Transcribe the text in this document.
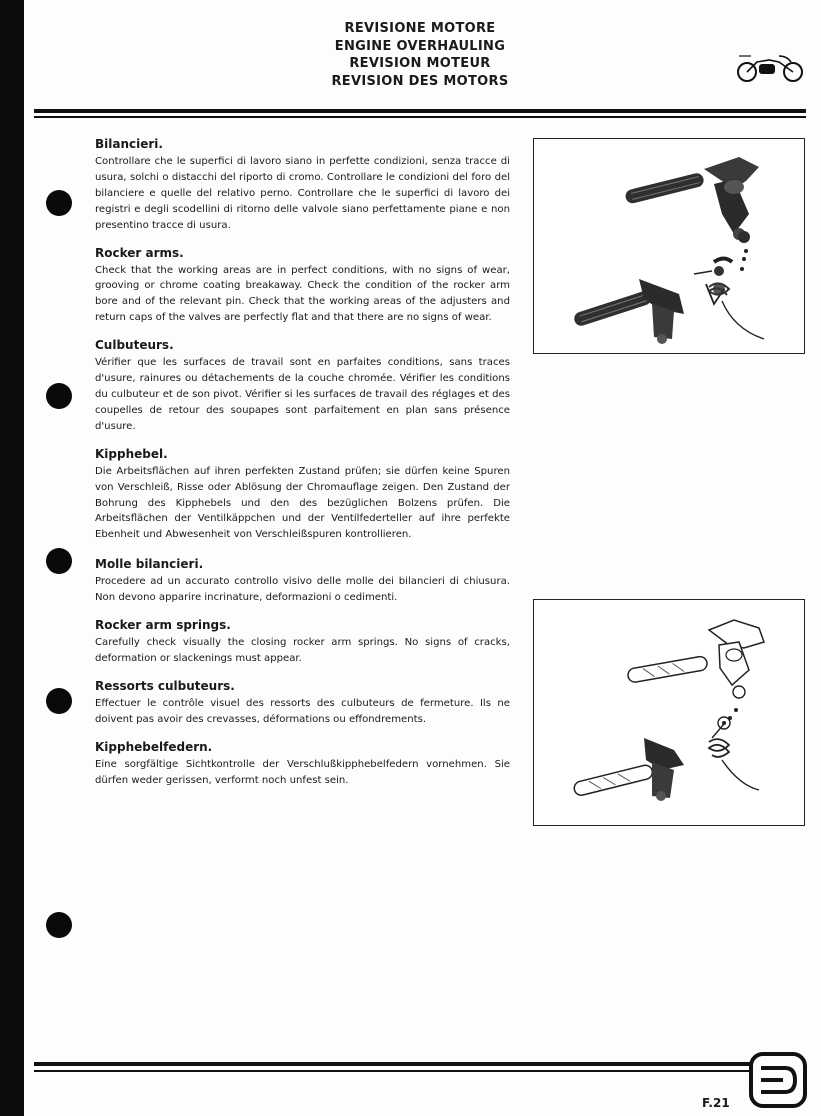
REVISIONE MOTORE
ENGINE OVERHAULING
REVISION MOTEUR
REVISION DES MOTORS
Bilancieri.

Controllare che le superfici di lavoro siano in perfette condizioni, senza tracce di usura, solchi o distacchi del riporto di cromo. Controllare le condizioni del foro del bilanciere e quelle del relativo perno. Controllare che le superfici di lavoro dei registri e degli scodellini di ritorno delle valvole siano perfettamente piane e non presentino tracce di usura.

Rocker arms.

Check that the working areas are in perfect conditions, with no signs of wear, grooving or chrome coating breakaway. Check the condition of the rocker arm bore and of the relevant pin. Check that the working areas of the adjusters and return caps of the valves are perfectly flat and that there are no signs of wear.

Culbuteurs.

Vérifier que les surfaces de travail sont en parfaites conditions, sans traces d'usure, rainures ou détachements de la couche chromée. Vérifier les conditions du culbuteur et de son pivot. Vérifier si les surfaces de travail des réglages et des coupelles de retour des soupapes sont parfaitement en plan sans présence d'usure.

Kipphebel.

Die Arbeitsflächen auf ihren perfekten Zustand prüfen; sie dürfen keine Spuren von Verschleiß, Risse oder Ablösung der Chromauflage zeigen. Den Zustand der Bohrung des Kipphebels und den des bezüglichen Bolzens prüfen. Die Arbeitsflächen der Ventilkäppchen und der Ventilfederteller auf ihre perfekte Ebenheit und Abwesenheit von Verschleißspuren kontrollieren.

Molle bilancieri.

Procedere ad un accurato controllo visivo delle molle dei bilancieri di chiusura. Non devono apparire incrinature, deformazioni o cedimenti.

Rocker arm springs.

Carefully check visually the closing rocker arm springs. No signs of cracks, deformation or slackenings must appear.

Ressorts culbuteurs.

Effectuer le contrôle visuel des ressorts des culbuteurs de fermeture. Ils ne doivent pas avoir des crevasses, déformations ou effondrements.

Kipphebelfedern.

Eine sorgfältige Sichtkontrolle der Verschlußkipphebelfedern vornehmen. Sie dürfen weder gerissen, verformt noch unfest sein.

F.21
